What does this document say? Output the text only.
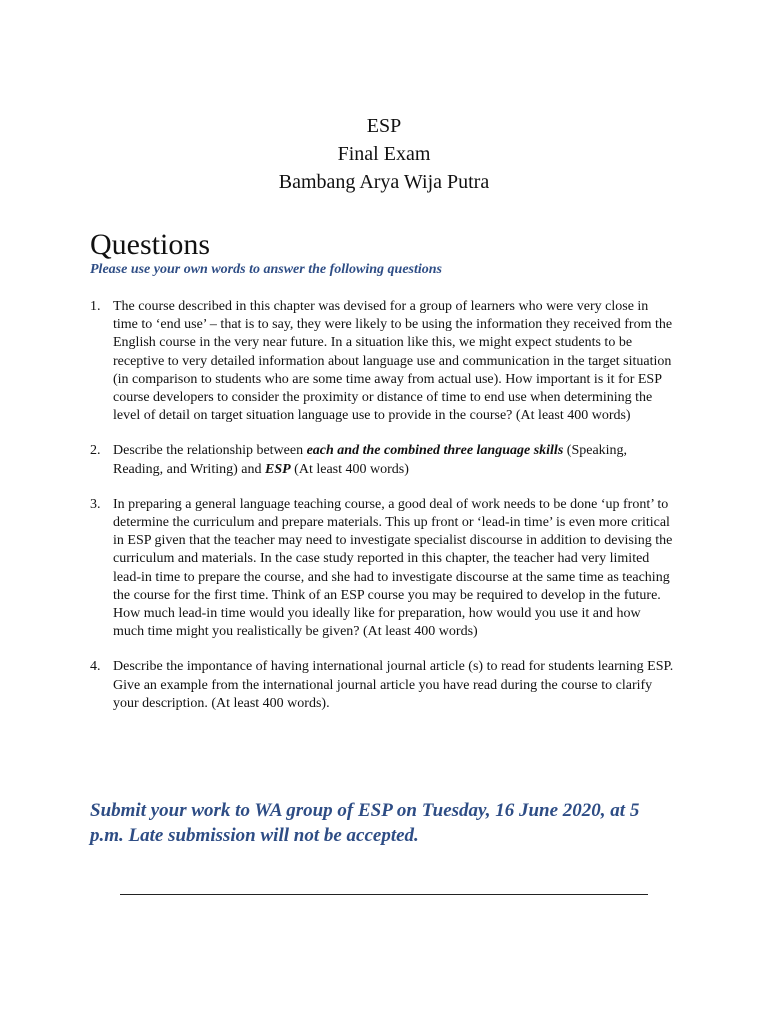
ESP
Final Exam
Bambang Arya Wija Putra
Questions
Please use your own words to answer the following questions
1. The course described in this chapter was devised for a group of learners who were very close in time to ‘end use’ – that is to say, they were likely to be using the information they received from the English course in the very near future. In a situation like this, we might expect students to be receptive to very detailed information about language use and communication in the target situation (in comparison to students who are some time away from actual use). How important is it for ESP course developers to consider the proximity or distance of time to end use when determining the level of detail on target situation language use to provide in the course? (At least 400 words)
2. Describe the relationship between each and the combined three language skills (Speaking, Reading, and Writing) and ESP (At least 400 words)
3. In preparing a general language teaching course, a good deal of work needs to be done ‘up front’ to determine the curriculum and prepare materials. This up front or ‘lead-in time’ is even more critical in ESP given that the teacher may need to investigate specialist discourse in addition to devising the curriculum and materials. In the case study reported in this chapter, the teacher had very limited lead-in time to prepare the course, and she had to investigate discourse at the same time as teaching the course for the first time. Think of an ESP course you may be required to develop in the future. How much lead-in time would you ideally like for preparation, how would you use it and how much time might you realistically be given? (At least 400 words)
4. Describe the impontance of having international journal article (s) to read for students learning ESP. Give an example from the international journal article you have read during the course to clarify your description. (At least 400 words).
Submit your work to WA group of ESP on Tuesday, 16 June 2020, at 5 p.m. Late submission will not be accepted.
